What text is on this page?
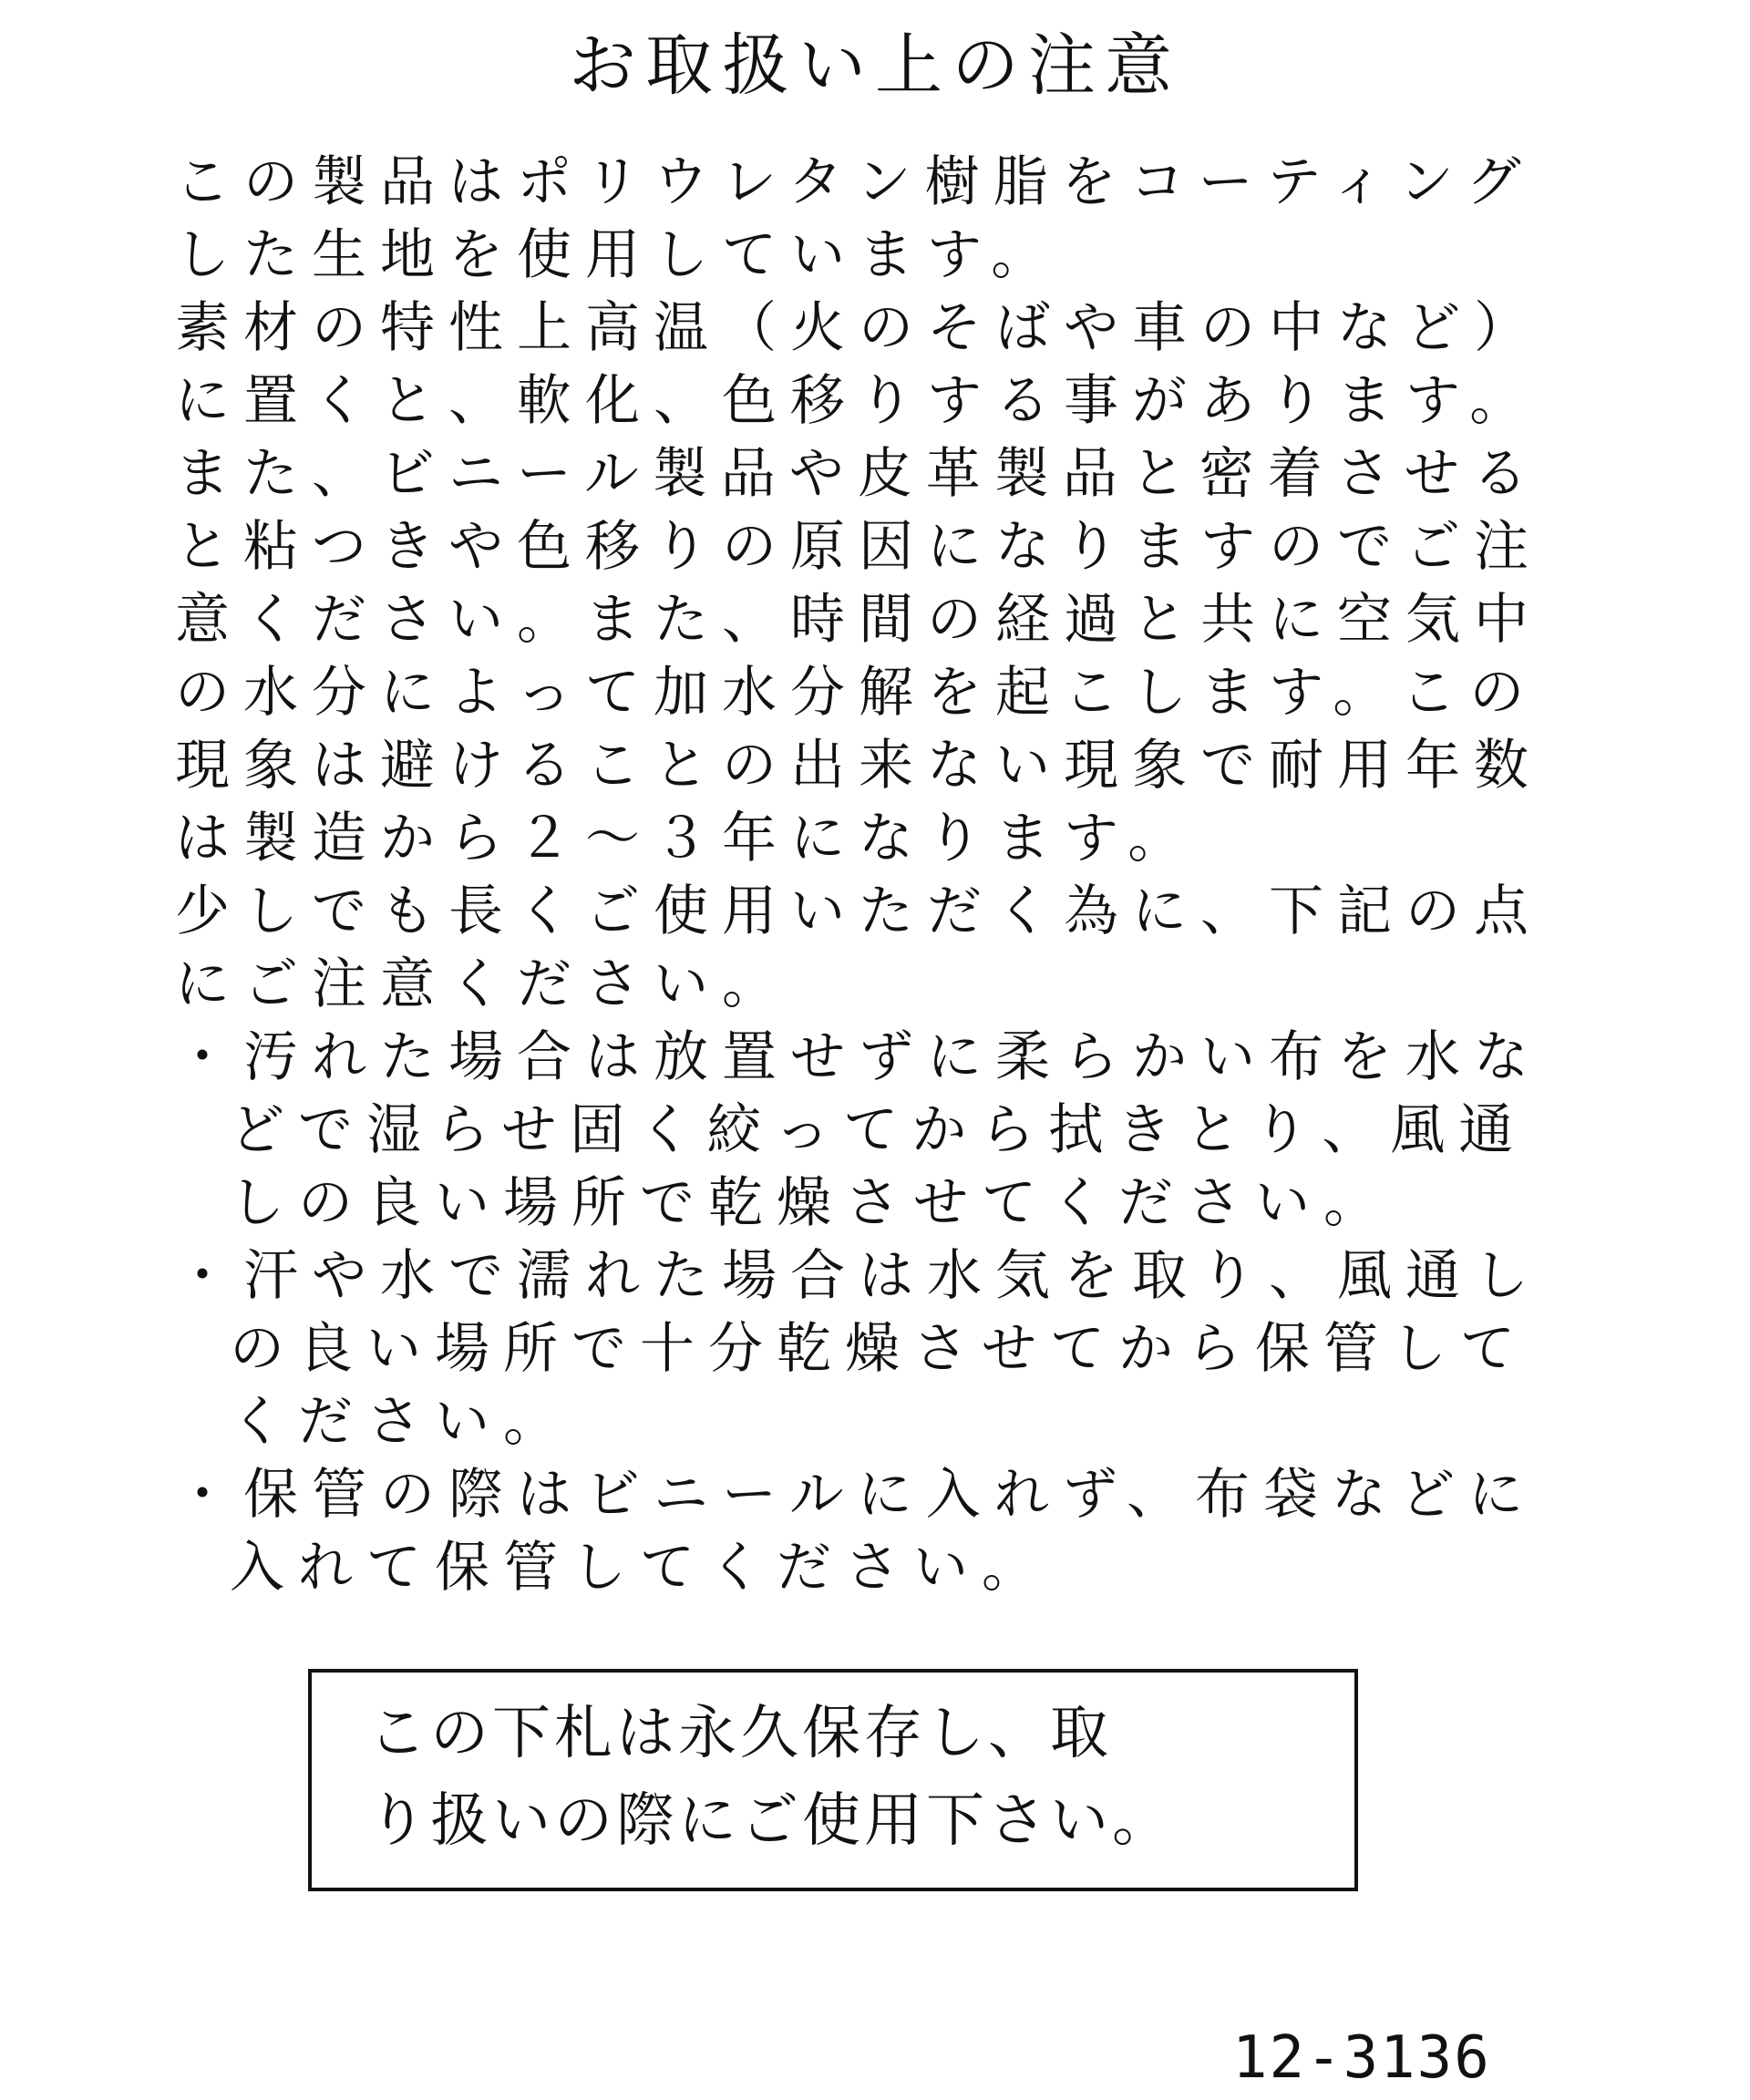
お取扱い上の注意
この製品はポリウレタン樹脂をコーティング
した生地を使用しています。
素材の特性上高温（火のそばや車の中など）
に置くと、軟化、色移りする事があります。
また、ビニール製品や皮革製品と密着させる
と粘つきや色移りの原因になりますのでご注
意ください。また、時間の経過と共に空気中
の水分によって加水分解を起こします。この
現象は避けることの出来ない現象で耐用年数
は製造から２～３年になります。
少しでも長くご使用いただく為に、下記の点
にご注意ください。
・汚れた場合は放置せずに柔らかい布を水な
どで湿らせ固く絞ってから拭きとり、風通
しの良い場所で乾燥させてください。
・汗や水で濡れた場合は水気を取り、風通し
の良い場所で十分乾燥させてから保管して
ください。
・保管の際はビニールに入れず、布袋などに
入れて保管してください。
この下札は永久保存し、取
り扱いの際にご使用下さい。
12-3136
